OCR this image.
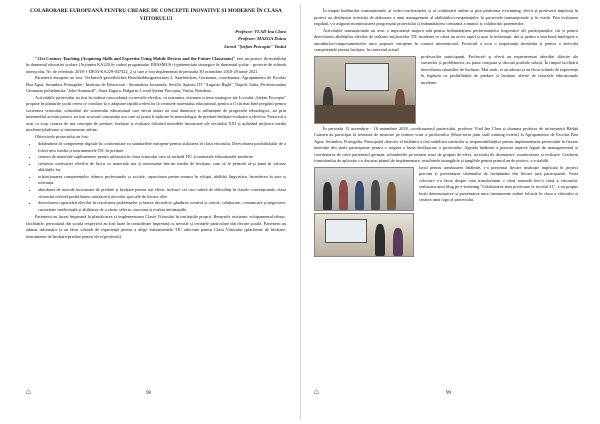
COLABORARE EUROPEANĂ PENTRU CREARE DE CONCEPTE INOVATIVE ȘI MODERNE ÎN CLASA VIITORULUI
Profesor: VLAD Ina Clara
Profesor: MAZGA Doina
Liceul "Ștefan Procopiu" Vaslui

"21st Century Teaching (Acquiring Skills and Expertise Using Mobile Devices and the Future Classroom)" este un proiect de mobilități în domeniul educației școlare (Acțiunea KA229 în cadrul programului ERASMUS+)-parteneriate strategice în domeniul școlar - proiecte de schimb interșcolar, Nr. de referință: 2018-1-DE03-KA229-047322_2 și care a fost implementat în perioada 30 octombrie 2018-29 iunie 2021.

Partenerii europeni au fost: Technisch-gewerbliches Berufsbildungszentrum 2, Saarbrücken, Germania, coordonator, Agrupamento de Escolas Boa Agua, Sesimbra, Portugalia - Instituto de Educacion - Secundaria Jacaranda, Sevilla, Spania, ITI "Augusto Righi", Napoli, Italia, Professionalna Gimnazia politehnicka "John Atanasoff", Stara Zagora, Bulgaria, Liceul Ștefan Procopiu, Vaslui, România.

Activitățile proiectului au fost în strânsă concordanță cu nevoile elevilor, cu misiunea, viziunea și ținta strategice ale Liceului „Ștefan Procopiu" propuse în planurile școlii ceeea ce conduce la o adaptare rapidă a elevilor la cerințele sistemului educațional, pentru a fi cât mai bine pregătiți pentru societatea viitorului, schimbări ale sistemului educațional care devin astăzi tot mai dinamice și influențate de progresele tehnologice, iar prin intermediul acestui proiect au fost accesate cunoștințe noi care să poată fi aplicate în metodologia de predare-învățare-evaluare a elevilor. Proiectul a avut ca scop crearea de noi concepte de predare, învățare și evaluare folosind metodele inovatoare ale secolului XXI și utilizând mijloace media moderne/platforme și instrumente online.

Obiectivele proiectului au fost:

• dobândirea de competențe digitale în conformitate cu standardele europene pentru utilizarea în clasa viitorului. Dezvoltarea posibilităților de a folosi new media și instrumentele TIC în predare.
• crearea de materiale suplimentare pentru utilizarea în clasa viitorului care să includă TIC și materiale educaționale moderne.
• creșterea motivației elevilor de lucru cu materiale noi și interesante într-un mediu de învățare, care să le permită să-și pună în valoare abilitățile lor.
• achiziționarea competențelor tehnice profesionale și sociale, capacitatea pentru munca în echipă, abilități lingvistice, încrederea în sine și toleranța.
• abordarea de metode inovatoare de predare și învățare pentru toți elevii, inclusiv cei care suferă de dificultăți în clasele convenționale, clasa viitorului oferind posibilitatea satisfacerii nevoilor speciale de fiecare elev.
• dezvoltarea capacității elevilor în rezolvarea problemelor și luarea deciziilor; gândirea creativă și critică; colaborare, comunicare și negociere; curiozitate intelectuală și abilitatea de a căuta, selecta, structura și evalua informațiile.

Partenerii au lucrat împreună la planificarea și implementarea Clasei Viitorului în instituțiile proprii. Resursele existente, echipamentul tehnic, facilitățile, personalul din școala respectivă au fost luate în considerare împreună cu nevoile și cerințele particulare din fiecare școală. Partenerii au adunat informații și au făcut schimb de experiență pentru a alege instrumentele TIC adecvate pentru Clasa Viitorului (platforme de învățare, instrumente de învățare/predare pentru elevi/profesori).

⌂	98

În timpul întâlnirilor transnaționale, al video-conferințelor și al colaborării online și prin platforma e-twinning, elevii și profesorii implicați în proiect au desfășurat activități de elaborare a unui management al abilităților/competențelor în proiectele transnaționale și în vizită. Prin evaluarea regulată, s-a asigurat monitorizarea progresului proiectului și îmbunătățirea constantă a muncii și colaborării partenerilor.

Activitățile transnaționale au avut o importanță majoră atât pentru îmbunătățirea performanțelor lingvistice ale participanților cât și pentru dezvoltarea abilităților elevilor de utilizare mijloacelor TIC moderne ce oferă un acces rapid și ușor la informații, dar și pentru o mai bună înțelegere a atitudinilor/comportamentelor unor popoare europene în context internațional. Proiectul a avut o importanță deosebită și pentru a dezvolta competențele pentru învățare, în contextul actual

profesorilor participanți. Profesorii și elevii au experimentat abordări diferite ale sarcinilor și problemelor, au putut compara și discuta posibile soluții. În timpul facilitării dezvoltarea situațiilor de învățare. Mai mult, ei au adunat și au făcut schimb de experiență în legătură cu posibilitățile de predare și învățare oferite de resursele educaționale moderne.

În perioada 12 noiembrie - 16 noiembrie 2018, coordonatorul proiectului, profesor Vlad Ina Clara și doamna profesor de informatică Bădiță Carmen au participat la sesiunea de instruire pe termen scurt a profesorilor (Short-term joint staff training events) la Agrupamento de Escolas Boa Agua, Sesimbra, Portugalia. Principalul obiectiv al întâlnirii a fost stabilirea sarcinilor și responsabilităților pentru implementarea proiectului în fiecare instituție din țările participante pentru o asigura o bună desfășurare a proiectului. Agenda întâlnirii a punctat aspecte legate de managementul și coordonarea de către partenerul german, schimburile pe termen scurt de grupuri de elevi, activități de diseminare, monitorizare și evaluare. Conform formularului de aplicație s-a discutat planul de implementare, rezultatele intangibile și tangibile pentru primul an de proiect, s-a stabilit

locul pentru următoarea întâlnire, s-a prezentat fiecare instituție implicată în proiect precum și prezentarea sistemului de învățământ din fiecare țară participantă. Noua colectare s-a făcut despre cum transformăm o clasă normală într-o clasă a viitorului, realizarea unui blog pe e-twinning "Colaborarea mea privitoare la secolul 21", s-au propus lecții demonstrative și prezentarea unor instrumente online folosite în clasa a viitorului și crearea unui logo al proiectului.

⌂	99
